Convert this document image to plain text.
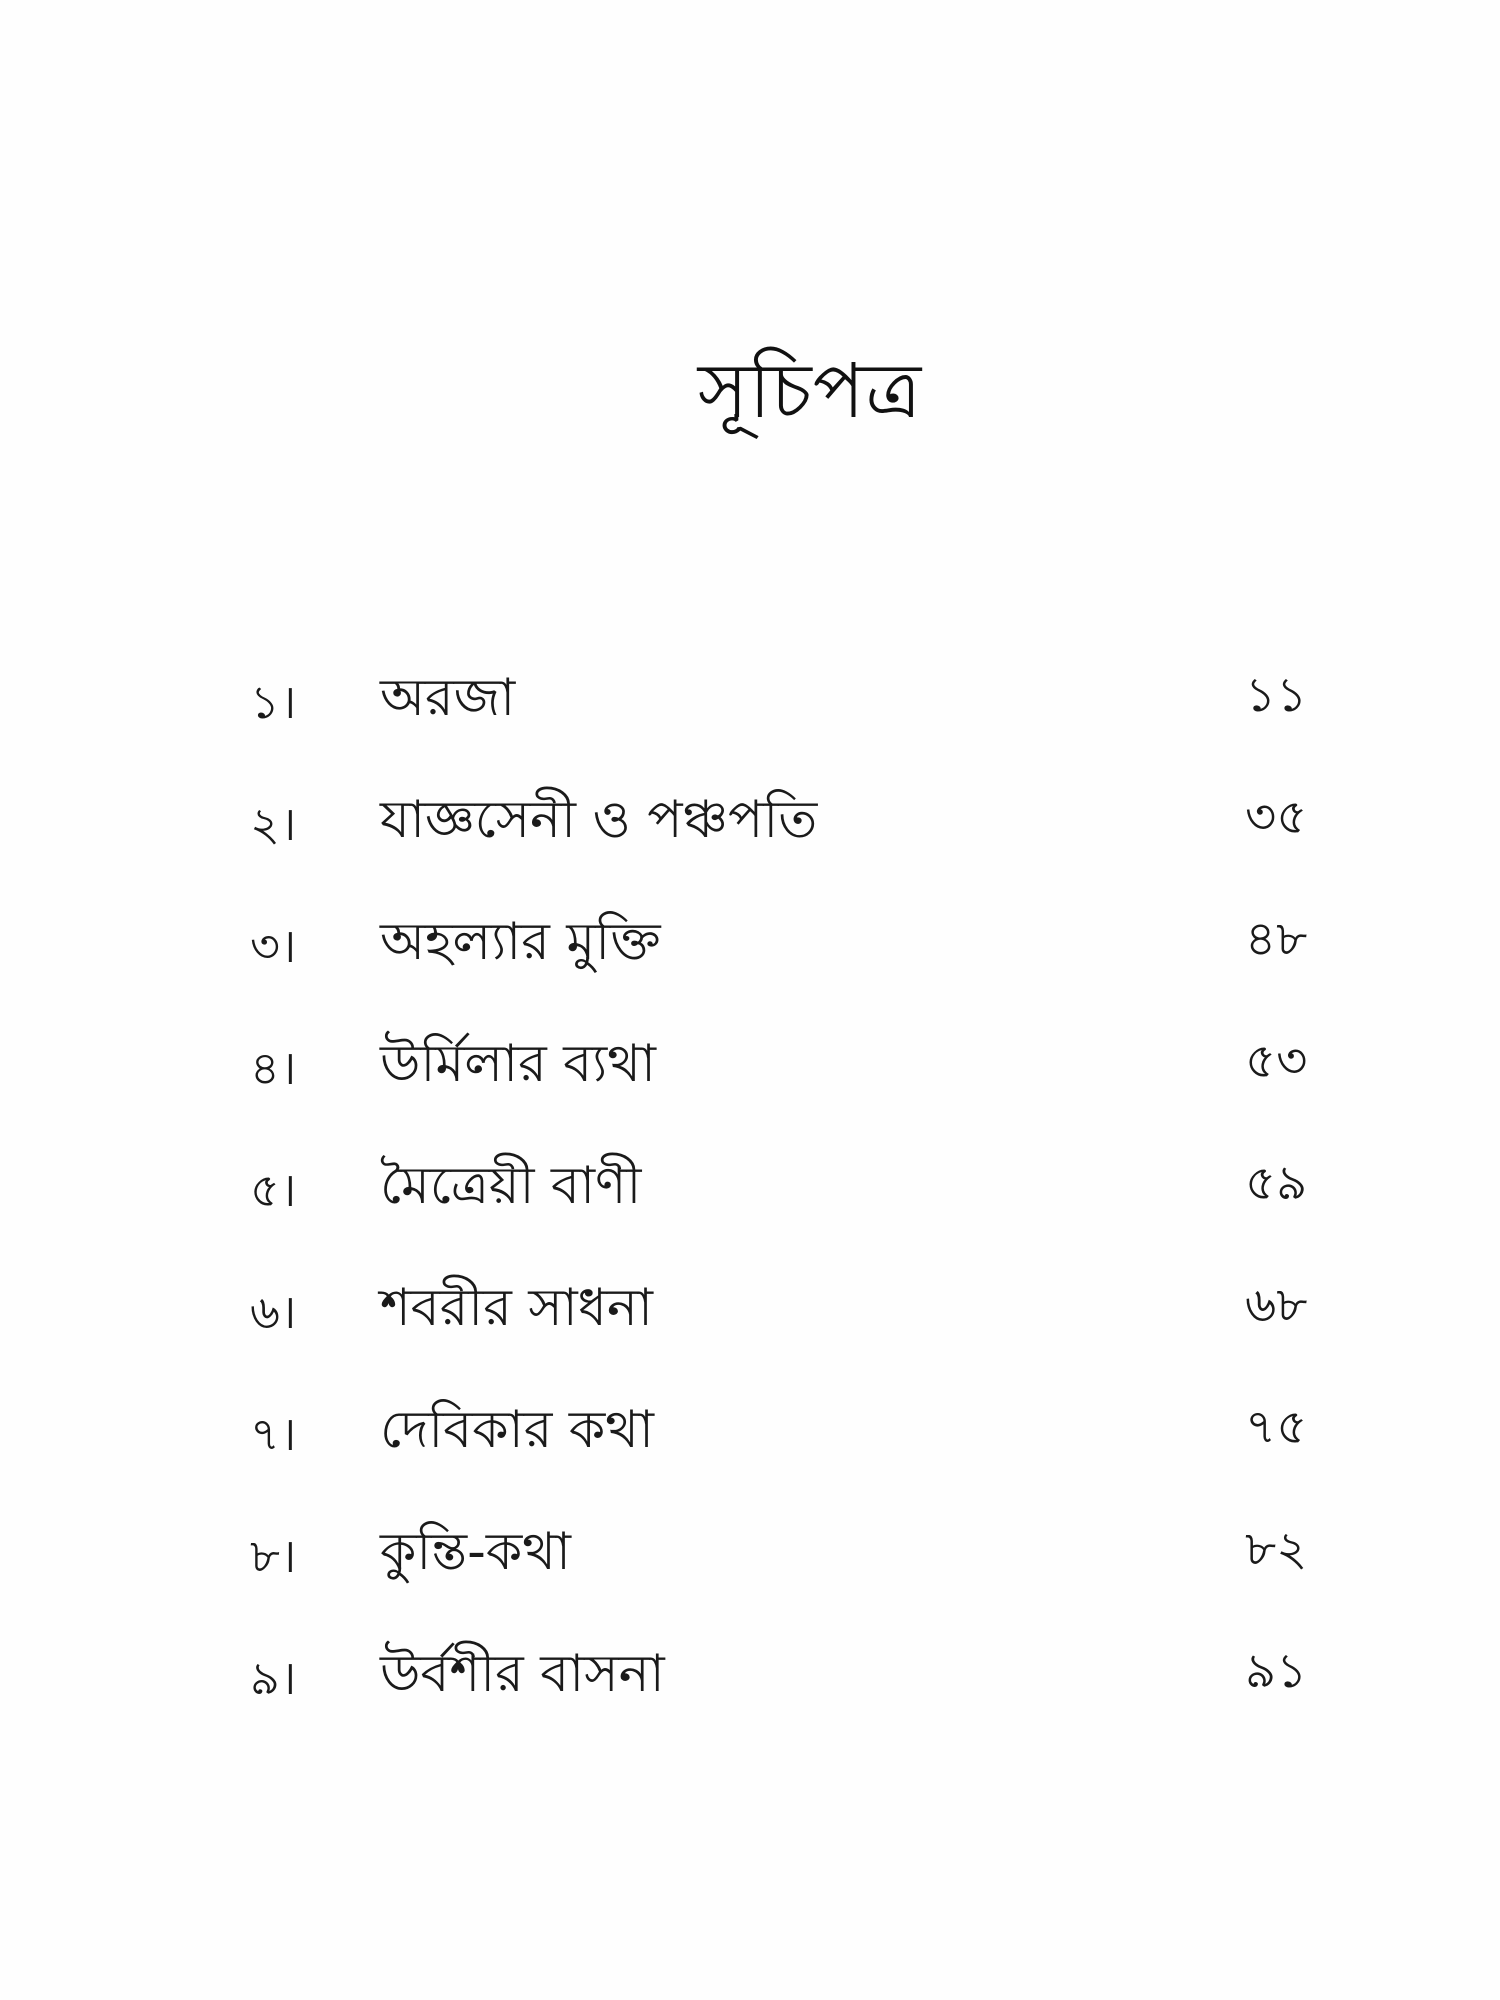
সূচিপত্র
১। অরজা	১১
২। যাজ্ঞসেনী ও পঞ্চপতি	৩৫
৩। অহল্যার মুক্তি	৪৮
৪। উর্মিলার ব্যথা	৫৩
৫। মৈত্রেয়ী বাণী	৫৯
৬। শবরীর সাধনা	৬৮
৭। দেবিকার কথা	৭৫
৮। কুন্তি-কথা	৮২
৯। উর্বশীর বাসনা	৯১
